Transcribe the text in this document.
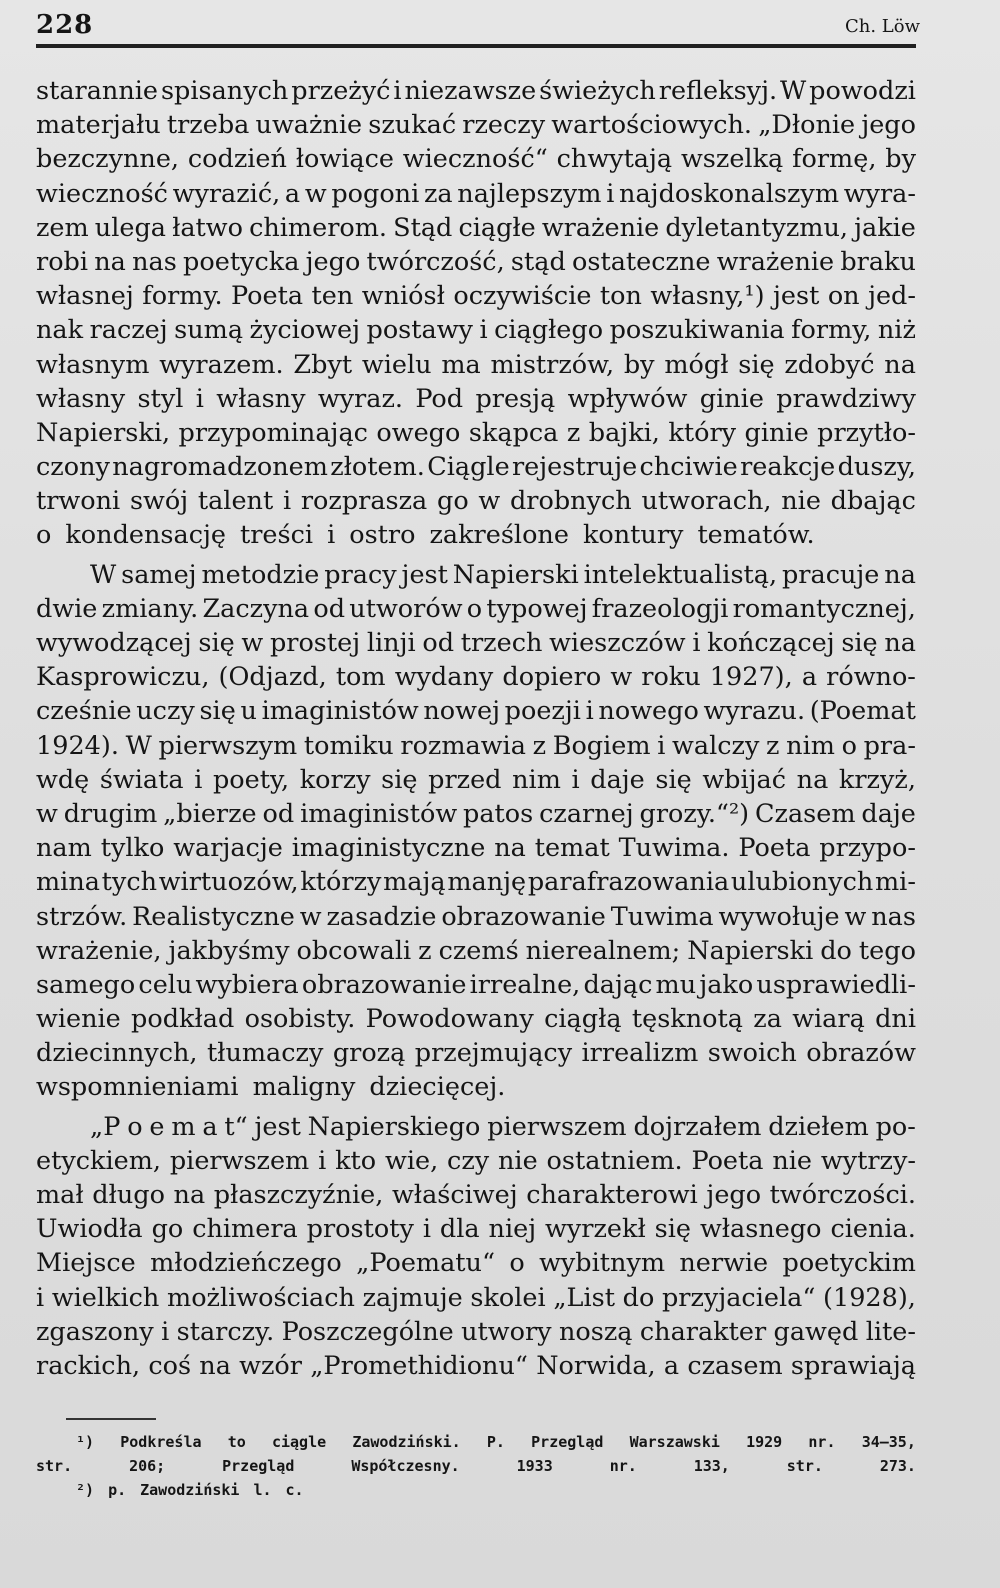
228	Ch. Löw
starannie spisanych przeżyć i niezawsze świeżych refleksyj. W powodzi
materjału trzeba uważnie szukać rzeczy wartościowych. „Dłonie jego
bezczynne, codzień łowiące wieczność“ chwytają wszelką formę, by
wieczność wyrazić, a w pogoni za najlepszym i najdoskonalszym wyra-
zem ulega łatwo chimerom. Stąd ciągłe wrażenie dyletantyzmu, jakie
robi na nas poetycka jego twórczość, stąd ostateczne wrażenie braku
własnej formy. Poeta ten wniósł oczywiście ton własny,¹) jest on jed-
nak raczej sumą życiowej postawy i ciągłego poszukiwania formy, niż
własnym wyrazem. Zbyt wielu ma mistrzów, by mógł się zdobyć na
własny styl i własny wyraz. Pod presją wpływów ginie prawdziwy
Napierski, przypominając owego skąpca z bajki, który ginie przytło-
czony nagromadzonem złotem. Ciągle rejestruje chciwie reakcje duszy,
trwoni swój talent i rozprasza go w drobnych utworach, nie dbając
o kondensację treści i ostro zakreślone kontury tematów.
W samej metodzie pracy jest Napierski intelektualistą, pracuje na
dwie zmiany. Zaczyna od utworów o typowej frazeologji romantycznej,
wywodzącej się w prostej linji od trzech wieszczów i kończącej się na
Kasprowiczu, (Odjazd, tom wydany dopiero w roku 1927), a równo-
cześnie uczy się u imaginistów nowej poezji i nowego wyrazu. (Poemat
1924). W pierwszym tomiku rozmawia z Bogiem i walczy z nim o pra-
wdę świata i poety, korzy się przed nim i daje się wbijać na krzyż,
w drugim „bierze od imaginistów patos czarnej grozy.“²) Czasem daje
nam tylko warjacje imaginistyczne na temat Tuwima. Poeta przypo-
mina tych wirtuozów, którzy mają manję parafrazowania ulubionych mi-
strzów. Realistyczne w zasadzie obrazowanie Tuwima wywołuje w nas
wrażenie, jakbyśmy obcowali z czemś nierealnem; Napierski do tego
samego celu wybiera obrazowanie irrealne, dając mu jako usprawiedli-
wienie podkład osobisty. Powodowany ciągłą tęsknotą za wiarą dni
dziecinnych, tłumaczy grozą przejmujący irrealizm swoich obrazów
wspomnieniami maligny dziecięcej.
„P o e m a t“ jest Napierskiego pierwszem dojrzałem dziełem po-
etyckiem, pierwszem i kto wie, czy nie ostatniem. Poeta nie wytrzy-
mał długo na płaszczyźnie, właściwej charakterowi jego twórczości.
Uwiodła go chimera prostoty i dla niej wyrzekł się własnego cienia.
Miejsce młodzieńczego „Poematu“ o wybitnym nerwie poetyckim
i wielkich możliwościach zajmuje skolei „List do przyjaciela“ (1928),
zgaszony i starczy. Poszczególne utwory noszą charakter gawęd lite-
rackich, coś na wzór „Promethidionu“ Norwida, a czasem sprawiają
¹) Podkreśla to ciągle Zawodziński. P. Przegląd Warszawski 1929 nr. 34—35,
str.	206;	Przegląd	Współczesny.	1933	nr.	133,	str.	273.
²) p. Zawodziński l. c.
